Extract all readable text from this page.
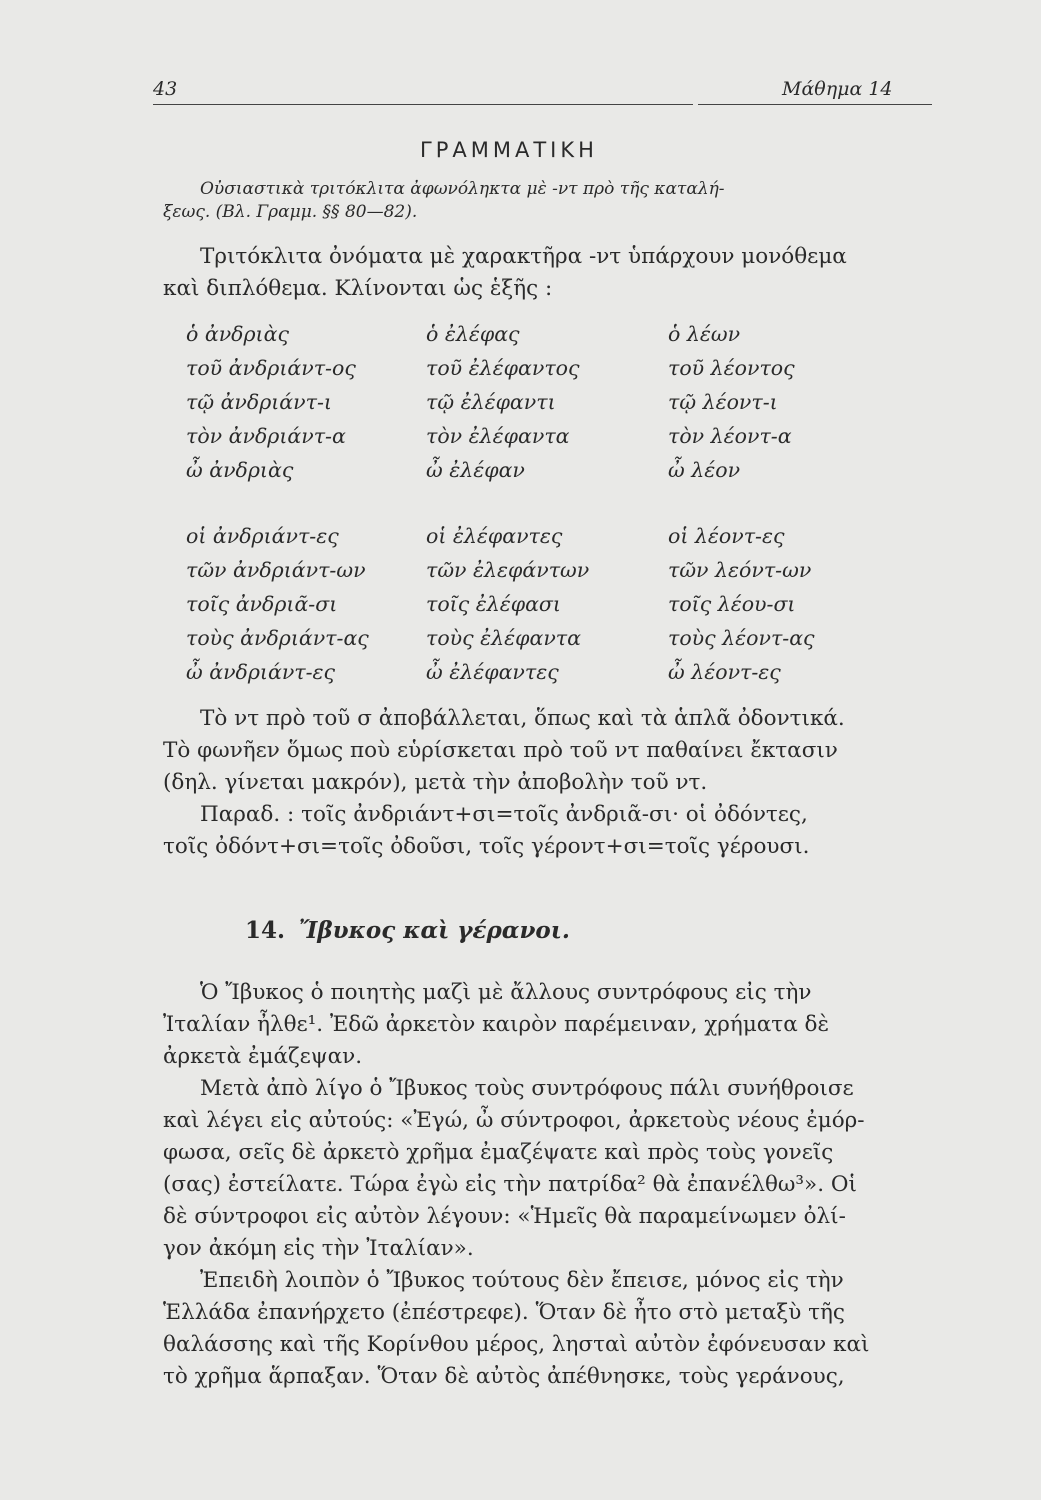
43	Μάθημα 14
ΓΡΑΜΜΑΤΙΚΗ
Οὐσιαστικὰ τριτόκλιτα ἀφωνόληκτα μὲ -ντ πρὸ τῆς καταλή-
ξεως. (Βλ. Γραμμ. §§ 80—82).
Τριτόκλιτα ὀνόματα μὲ χαρακτῆρα -ντ ὑπάρχουν μονόθεμα
καὶ διπλόθεμα. Κλίνονται ὡς ἑξῆς :
ὁ ἀνδριὰς	ὁ ἐλέφας	ὁ λέων
τοῦ ἀνδριάντ-ος	τοῦ ἐλέφαντος	τοῦ λέοντος
τῷ ἀνδριάντ-ι	τῷ ἐλέφαντι	τῷ λέοντ-ι
τὸν ἀνδριάντ-α	τὸν ἐλέφαντα	τὸν λέοντ-α
ὦ ἀνδριὰς	ὦ ἐλέφαν	ὦ λέον
οἱ ἀνδριάντ-ες	οἱ ἐλέφαντες	οἱ λέοντ-ες
τῶν ἀνδριάντ-ων	τῶν ἐλεφάντων	τῶν λεόντ-ων
τοῖς ἀνδριᾶ-σι	τοῖς ἐλέφασι	τοῖς λέου-σι
τοὺς ἀνδριάντ-ας	τοὺς ἐλέφαντα	τοὺς λέοντ-ας
ὦ ἀνδριάντ-ες	ὦ ἐλέφαντες	ὦ λέοντ-ες
Τὸ ντ πρὸ τοῦ σ ἀποβάλλεται, ὅπως καὶ τὰ ἁπλᾶ ὀδοντικά.
Τὸ φωνῆεν ὅμως ποὺ εὑρίσκεται πρὸ τοῦ ντ παθαίνει ἔκτασιν
(δηλ. γίνεται μακρόν), μετὰ τὴν ἀποβολὴν τοῦ ντ.
Παραδ. : τοῖς ἀνδριάντ+σι=τοῖς ἀνδριᾶ-σι· οἱ ὀδόντες,
τοῖς ὀδόντ+σι=τοῖς ὀδοῦσι, τοῖς γέροντ+σι=τοῖς γέρουσι.
14. Ἴβυκος καὶ γέρανοι.
Ὁ Ἴβυκος ὁ ποιητὴς μαζὶ μὲ ἄλλους συντρόφους εἰς τὴν
Ἰταλίαν ἦλθε¹. Ἐδῶ ἀρκετὸν καιρὸν παρέμειναν, χρήματα δὲ
ἀρκετὰ ἐμάζεψαν.
Μετὰ ἀπὸ λίγο ὁ Ἴβυκος τοὺς συντρόφους πάλι συνήθροισε
καὶ λέγει εἰς αὐτούς: «Ἐγώ, ὦ σύντροφοι, ἀρκετοὺς νέους ἐμόρ-
φωσα, σεῖς δὲ ἀρκετὸ χρῆμα ἐμαζέψατε καὶ πρὸς τοὺς γονεῖς
(σας) ἐστείλατε. Τώρα ἐγὼ εἰς τὴν πατρίδα² θὰ ἐπανέλθω³». Οἱ
δὲ σύντροφοι εἰς αὐτὸν λέγουν: «Ἡμεῖς θὰ παραμείνωμεν ὀλί-
γον ἀκόμη εἰς τὴν Ἰταλίαν».
Ἐπειδὴ λοιπὸν ὁ Ἴβυκος τούτους δὲν ἔπεισε, μόνος εἰς τὴν
Ἑλλάδα ἐπανήρχετο (ἐπέστρεφε). Ὅταν δὲ ἦτο στὸ μεταξὺ τῆς
θαλάσσης καὶ τῆς Κορίνθου μέρος, λησταὶ αὐτὸν ἐφόνευσαν καὶ
τὸ χρῆμα ἅρπαξαν. Ὅταν δὲ αὐτὸς ἀπέθνησκε, τοὺς γεράνους,
